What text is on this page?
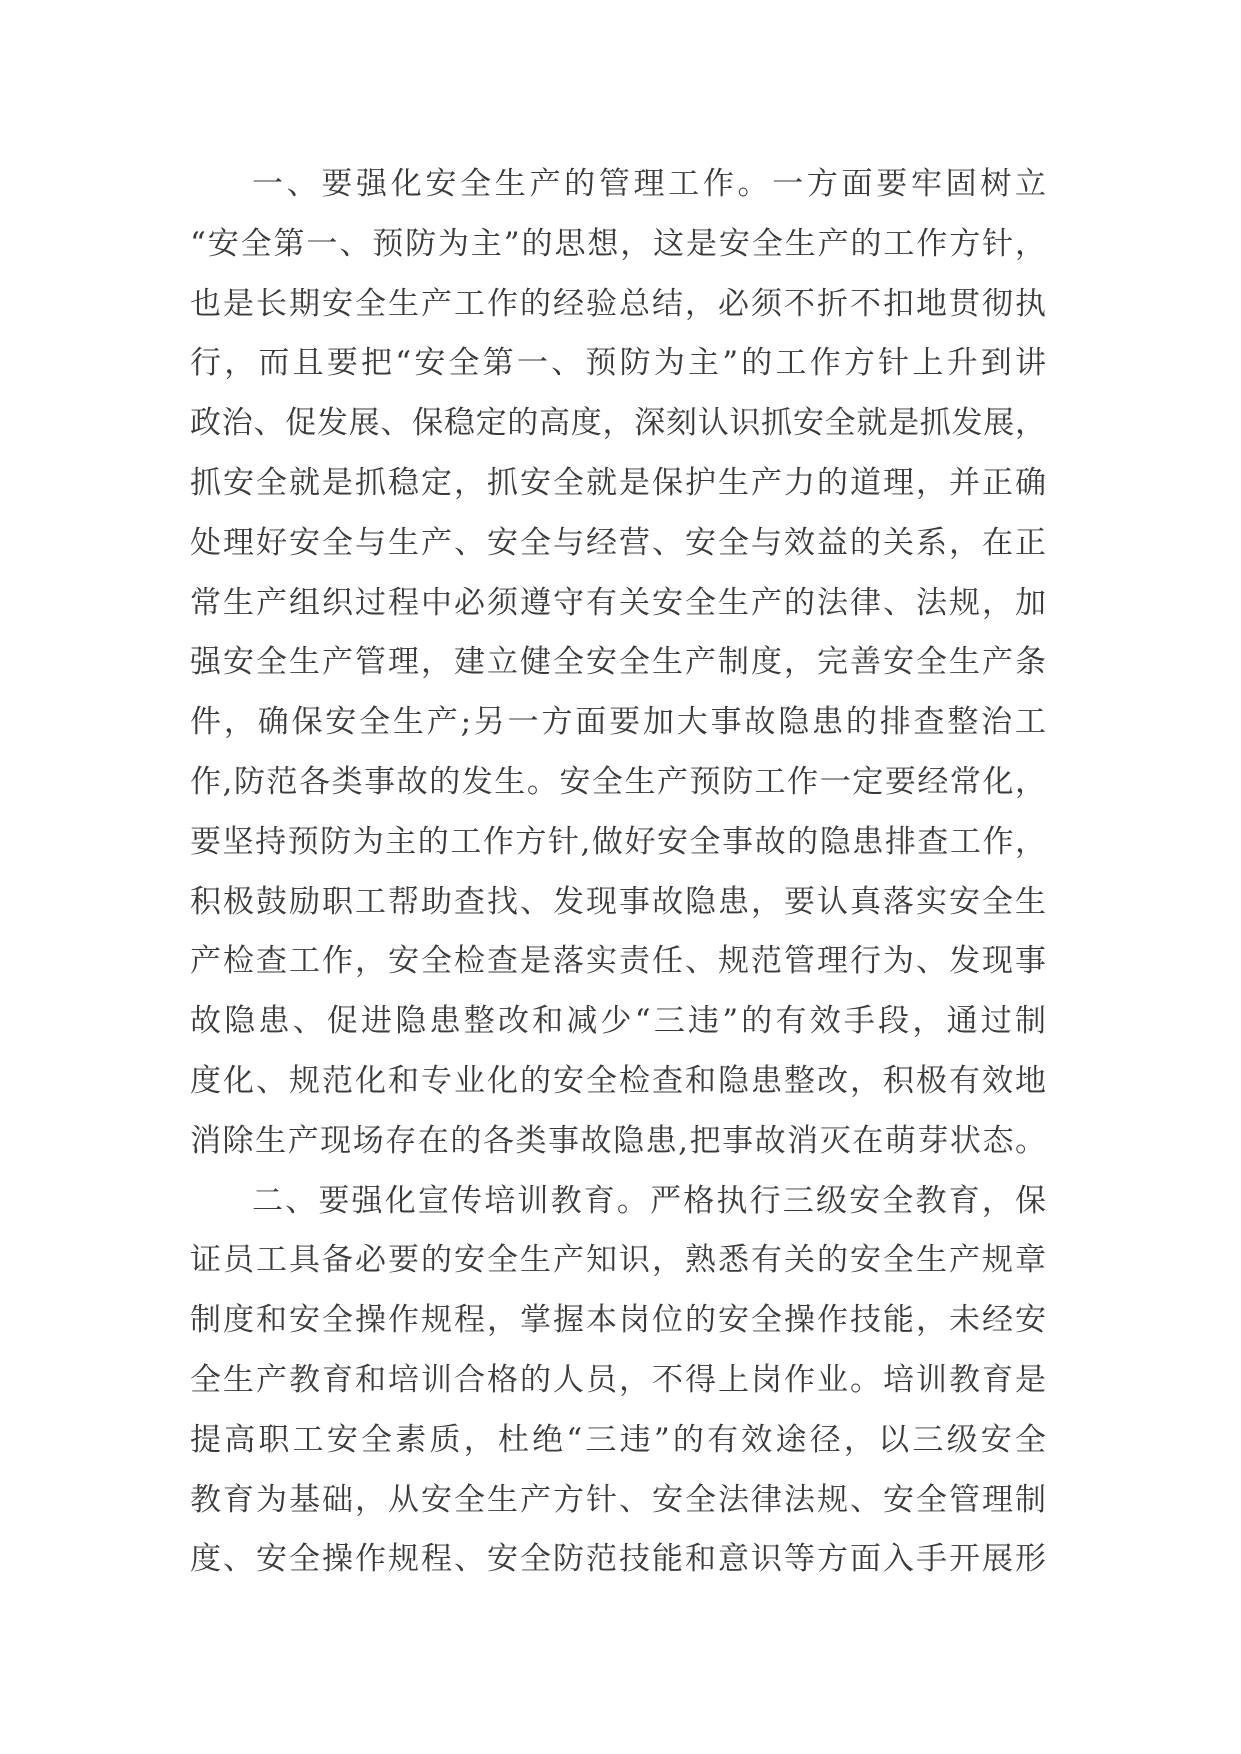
一、要强化安全生产的管理工作。一方面要牢固树立
“安全第一、预防为主”的思想，这是安全生产的工作方针，
也是长期安全生产工作的经验总结，必须不折不扣地贯彻执
行，而且要把“安全第一、预防为主”的工作方针上升到讲
政治、促发展、保稳定的高度，深刻认识抓安全就是抓发展，
抓安全就是抓稳定，抓安全就是保护生产力的道理，并正确
处理好安全与生产、安全与经营、安全与效益的关系，在正
常生产组织过程中必须遵守有关安全生产的法律、法规，加
强安全生产管理，建立健全安全生产制度，完善安全生产条
件，确保安全生产;另一方面要加大事故隐患的排查整治工
作,防范各类事故的发生。安全生产预防工作一定要经常化，
要坚持预防为主的工作方针,做好安全事故的隐患排查工作，
积极鼓励职工帮助查找、发现事故隐患，要认真落实安全生
产检查工作，安全检查是落实责任、规范管理行为、发现事
故隐患、促进隐患整改和减少“三违”的有效手段，通过制
度化、规范化和专业化的安全检查和隐患整改，积极有效地
消除生产现场存在的各类事故隐患,把事故消灭在萌芽状态。
二、要强化宣传培训教育。严格执行三级安全教育，保
证员工具备必要的安全生产知识，熟悉有关的安全生产规章
制度和安全操作规程，掌握本岗位的安全操作技能，未经安
全生产教育和培训合格的人员，不得上岗作业。培训教育是
提高职工安全素质，杜绝“三违”的有效途径，以三级安全
教育为基础，从安全生产方针、安全法律法规、安全管理制
度、安全操作规程、安全防范技能和意识等方面入手开展形
